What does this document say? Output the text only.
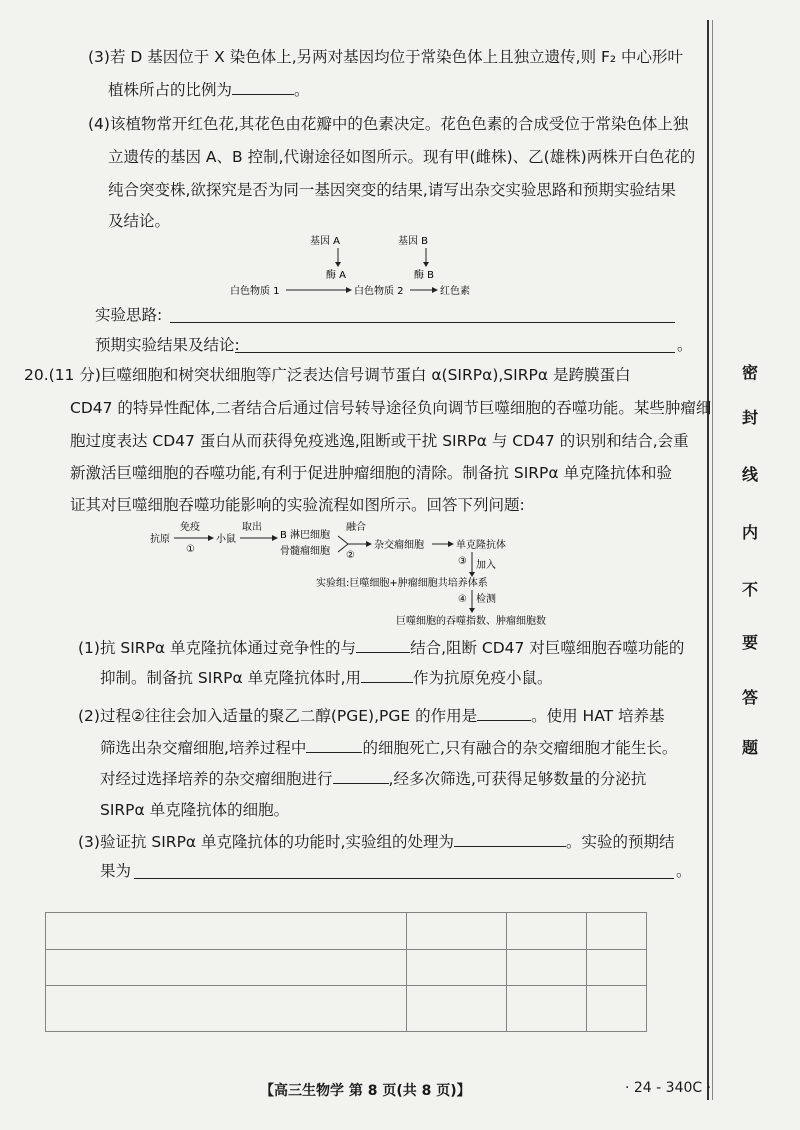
密
封
线
内
不
要
答
题
(3)若 D 基因位于 X 染色体上,另两对基因均位于常染色体上且独立遗传,则 F₂ 中心形叶
植株所占的比例为	。
(4)该植物常开红色花,其花色由花瓣中的色素决定。花色色素的合成受位于常染色体上独
立遗传的基因 A、B 控制,代谢途径如图所示。现有甲(雌株)、乙(雄株)两株开白色花的
纯合突变株,欲探究是否为同一基因突变的结果,请写出杂交实验思路和预期实验结果
及结论。
基因 A	基因 B
酶 A	酶 B
白色物质 1	白色物质 2	红色素
实验思路:
预期实验结果及结论:	。
20.(11 分)巨噬细胞和树突状细胞等广泛表达信号调节蛋白 α(SIRPα),SIRPα 是跨膜蛋白
CD47 的特异性配体,二者结合后通过信号转导途径负向调节巨噬细胞的吞噬功能。某些肿瘤细
胞过度表达 CD47 蛋白从而获得免疫逃逸,阻断或干扰 SIRPα 与 CD47 的识别和结合,会重
新激活巨噬细胞的吞噬功能,有利于促进肿瘤细胞的清除。制备抗 SIRPα 单克隆抗体和验
证其对巨噬细胞吞噬功能影响的实验流程如图所示。回答下列问题:
抗原
免疫
①
小鼠
取出
B 淋巴细胞
骨髓瘤细胞
融合
②
杂交瘤细胞	单克隆抗体
③ 加入
实验组:巨噬细胞+肿瘤细胞共培养体系
④ 检测
巨噬细胞的吞噬指数、肿瘤细胞数
(1)抗 SIRPα 单克隆抗体通过竞争性的与	结合,阻断 CD47 对巨噬细胞吞噬功能的
抑制。制备抗 SIRPα 单克隆抗体时,用	作为抗原免疫小鼠。
(2)过程②往往会加入适量的聚乙二醇(PGE),PGE 的作用是	。使用 HAT 培养基
筛选出杂交瘤细胞,培养过程中	的细胞死亡,只有融合的杂交瘤细胞才能生长。
对经过选择培养的杂交瘤细胞进行	,经多次筛选,可获得足够数量的分泌抗
SIRPα 单克隆抗体的细胞。
(3)验证抗 SIRPα 单克隆抗体的功能时,实验组的处理为	。实验的预期结
果为	。
【高三生物学 第 8 页(共 8 页)】	· 24 - 340C ·
